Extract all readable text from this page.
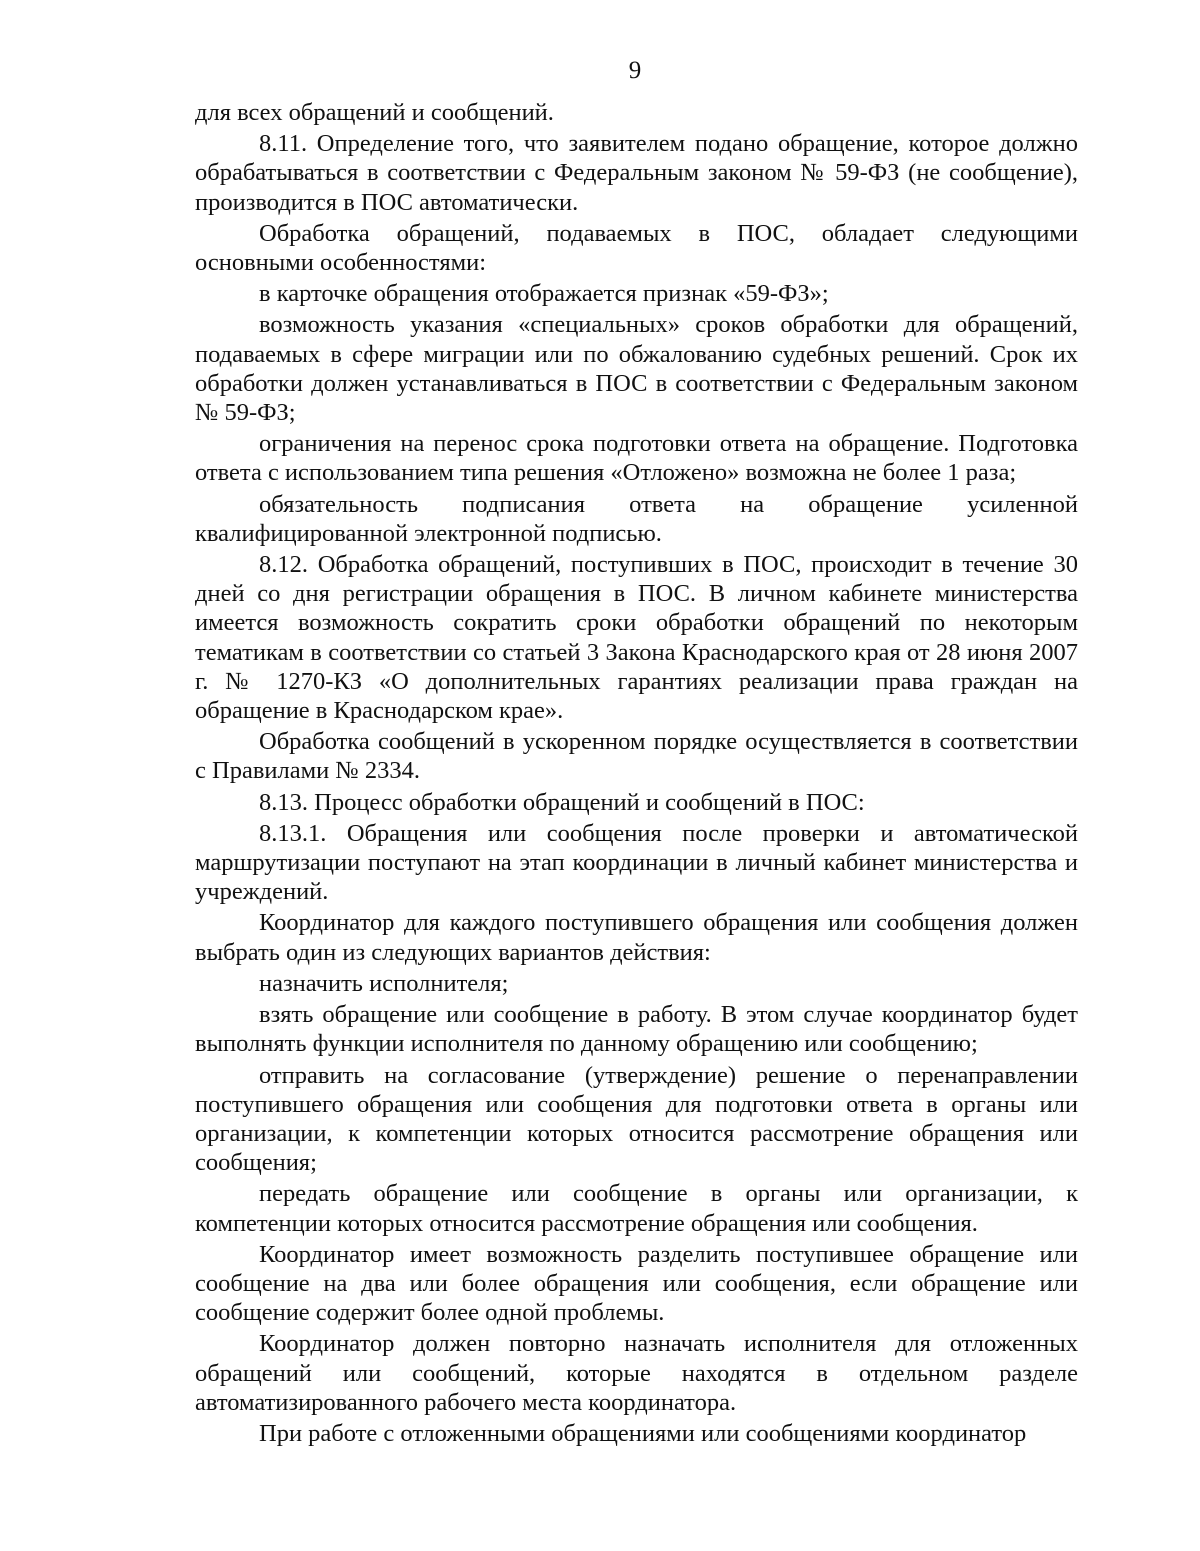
9

для всех обращений и сообщений.

8.11. Определение того, что заявителем подано обращение, которое должно обрабатываться в соответствии с Федеральным законом № 59-ФЗ (не сообщение), производится в ПОС автоматически.

Обработка обращений, подаваемых в ПОС, обладает следующими основными особенностями:

в карточке обращения отображается признак «59-ФЗ»;

возможность указания «специальных» сроков обработки для обращений, подаваемых в сфере миграции или по обжалованию судебных решений. Срок их обработки должен устанавливаться в ПОС в соответствии с Федеральным законом № 59-ФЗ;

ограничения на перенос срока подготовки ответа на обращение. Подготовка ответа с использованием типа решения «Отложено» возможна не более 1 раза;

обязательность подписания ответа на обращение усиленной квалифицированной электронной подписью.

8.12. Обработка обращений, поступивших в ПОС, происходит в течение 30 дней со дня регистрации обращения в ПОС. В личном кабинете министерства имеется возможность сократить сроки обработки обращений по некоторым тематикам в соответствии со статьей 3 Закона Краснодарского края от 28 июня 2007 г. № 1270-КЗ «О дополнительных гарантиях реализации права граждан на обращение в Краснодарском крае».

Обработка сообщений в ускоренном порядке осуществляется в соответствии с Правилами № 2334.

8.13. Процесс обработки обращений и сообщений в ПОС:

8.13.1. Обращения или сообщения после проверки и автоматической маршрутизации поступают на этап координации в личный кабинет министерства и учреждений.

Координатор для каждого поступившего обращения или сообщения должен выбрать один из следующих вариантов действия:

назначить исполнителя;

взять обращение или сообщение в работу. В этом случае координатор будет выполнять функции исполнителя по данному обращению или сообщению;

отправить на согласование (утверждение) решение о перенаправлении поступившего обращения или сообщения для подготовки ответа в органы или организации, к компетенции которых относится рассмотрение обращения или сообщения;

передать обращение или сообщение в органы или организации, к компетенции которых относится рассмотрение обращения или сообщения.

Координатор имеет возможность разделить поступившее обращение или сообщение на два или более обращения или сообщения, если обращение или сообщение содержит более одной проблемы.

Координатор должен повторно назначать исполнителя для отложенных обращений или сообщений, которые находятся в отдельном разделе автоматизированного рабочего места координатора.

При работе с отложенными обращениями или сообщениями координатор
